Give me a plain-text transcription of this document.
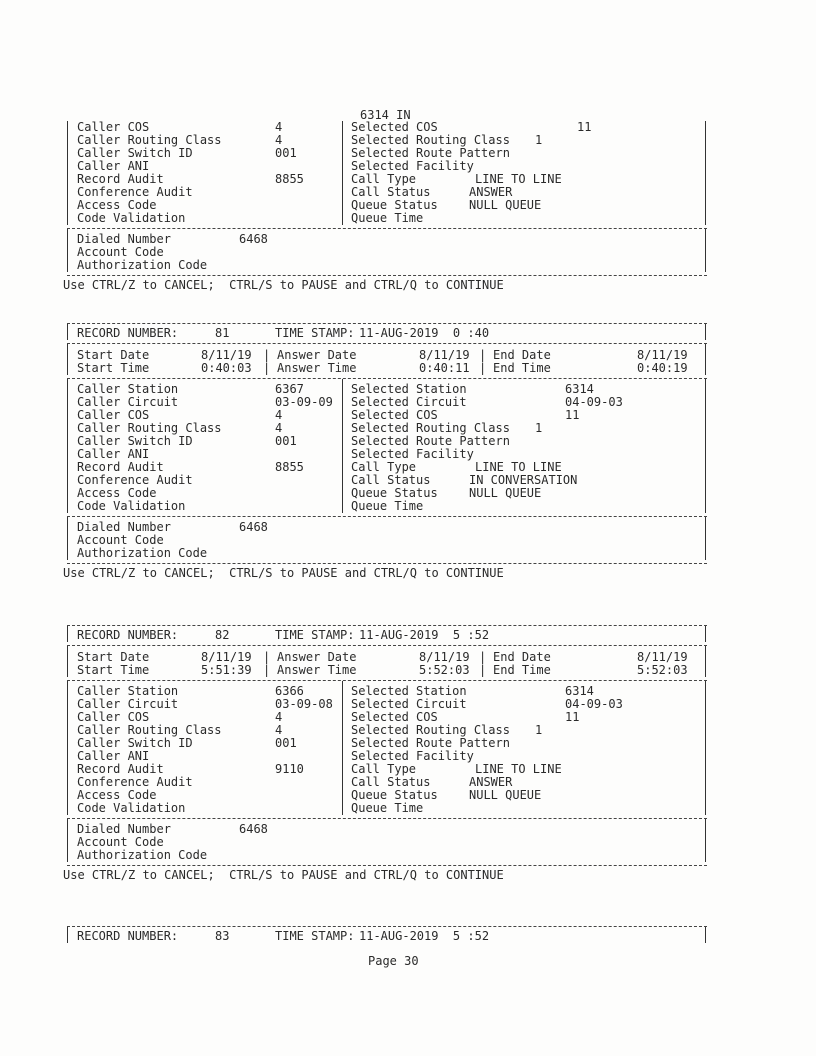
6314 IN
Caller COS	4	Selected COS	11
Caller Routing Class	4	Selected Routing Class 1
Caller Switch ID	001	Selected Route Pattern
Caller ANI	Selected Facility
Record Audit	8855	Call Type	LINE TO LINE
Conference Audit	Call Status	ANSWER
Access Code	Queue Status	NULL QUEUE
Code Validation	Queue Time
Dialed Number	6468
Account Code
Authorization Code
Use CTRL/Z to CANCEL;  CTRL/S to PAUSE and CTRL/Q to CONTINUE
RECORD NUMBER:	81	TIME STAMP: 11-AUG-2019  0 :40
Start Date	8/11/19 | Answer Date	8/11/19 | End Date	8/11/19
Start Time	0:40:03 | Answer Time	0:40:11 | End Time	0:40:19
Caller Station	6367	Selected Station	6314
Caller Circuit	03-09-09 Selected Circuit	04-09-03
Caller COS	4	Selected COS	11
Caller Routing Class	4	Selected Routing Class 1
Caller Switch ID	001	Selected Route Pattern
Caller ANI	Selected Facility
Record Audit	8855	Call Type	LINE TO LINE
Conference Audit	Call Status	IN CONVERSATION
Access Code	Queue Status	NULL QUEUE
Code Validation	Queue Time
Dialed Number	6468
Account Code
Authorization Code
Use CTRL/Z to CANCEL;  CTRL/S to PAUSE and CTRL/Q to CONTINUE
RECORD NUMBER:	82	TIME STAMP: 11-AUG-2019  5 :52
Start Date	8/11/19 | Answer Date	8/11/19 | End Date	8/11/19
Start Time	5:51:39 | Answer Time	5:52:03 | End Time	5:52:03
Caller Station	6366	Selected Station	6314
Caller Circuit	03-09-08 Selected Circuit	04-09-03
Caller COS	4	Selected COS	11
Caller Routing Class	4	Selected Routing Class 1
Caller Switch ID	001	Selected Route Pattern
Caller ANI	Selected Facility
Record Audit	9110	Call Type	LINE TO LINE
Conference Audit	Call Status	ANSWER
Access Code	Queue Status	NULL QUEUE
Code Validation	Queue Time
Dialed Number	6468
Account Code
Authorization Code
Use CTRL/Z to CANCEL;  CTRL/S to PAUSE and CTRL/Q to CONTINUE
RECORD NUMBER:	83	TIME STAMP: 11-AUG-2019  5 :52
Page 30
